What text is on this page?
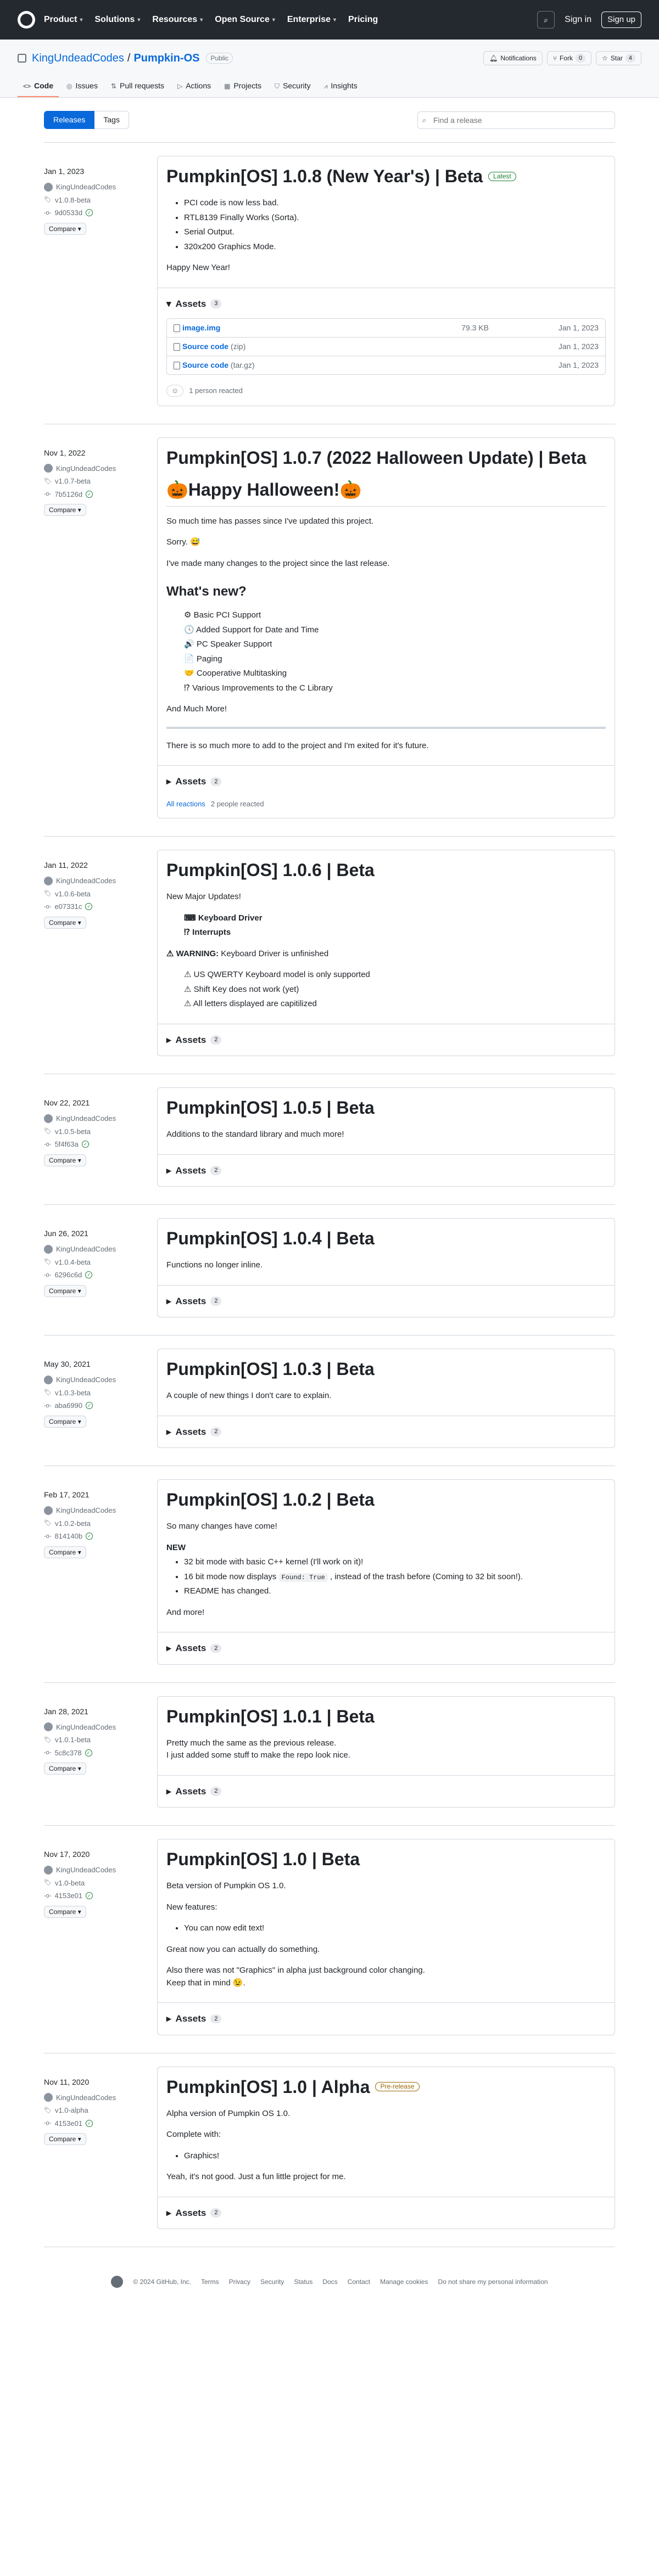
Product ▾ Solutions ▾ Resources ▾ Open Source ▾ Enterprise ▾ Pricing	⌕	Sign in	Sign up
KingUndeadCodes / Pumpkin-OS	Public	🔔︎ Notifications	⑂ Fork	0	☆ Star	4
<> Code ◎ Issues ⇅ Pull requests ▷ Actions ▦ Projects ⛉ Security ⩘ Insights
Releases	Tags	⌕
Find a release
Jan 1, 2023
KingUndeadCodes
🏷︎ v1.0.8-beta
-o- 9d0533d	✓
Compare ▾
Pumpkin[OS] 1.0.8 (New Year's) | Beta	Latest
• PCI code is now less bad.
• RTL8139 Finally Works (Sorta).
• Serial Output.
• 320x200 Graphics Mode.

Happy New Year!

▾ Assets	3
image.img	79.3 KB	Jan 1, 2023
Source code (zip)	Jan 1, 2023
Source code (tar.gz)	Jan 1, 2023
☺	1 person reacted
Nov 1, 2022
KingUndeadCodes
🏷︎ v1.0.7-beta
-o- 7b5126d	✓
Compare ▾
Pumpkin[OS] 1.0.7 (2022 Halloween Update) | Beta
🎃Happy Halloween!🎃

So much time has passes since I've updated this project.

Sorry. 😅

I've made many changes to the project since the last release.

What's new?
⚙ Basic PCI Support
🕓 Added Support for Date and Time
🔊 PC Speaker Support
📄 Paging
🤝 Cooperative Multitasking
⁉ Various Improvements to the C Library

And Much More!

There is so much more to add to the project and I'm exited for it's future.

▸ Assets	2
All reactions 2 people reacted
Jan 11, 2022
KingUndeadCodes
🏷︎ v1.0.6-beta
-o- e07331c	✓
Compare ▾
Pumpkin[OS] 1.0.6 | Beta

New Major Updates!

⌨ Keyboard Driver
⁉ Interrupts

⚠ WARNING: Keyboard Driver is unfinished

⚠ US QWERTY Keyboard model is only supported
⚠ Shift Key does not work (yet)
⚠ All letters displayed are capitilized
▸ Assets	2
Nov 22, 2021
KingUndeadCodes
🏷︎ v1.0.5-beta
-o- 5f4f63a	✓
Compare ▾
Pumpkin[OS] 1.0.5 | Beta

Additions to the standard library and much more!

▸ Assets	2
Jun 26, 2021
KingUndeadCodes
🏷︎ v1.0.4-beta
-o- 6296c6d	✓
Compare ▾
Pumpkin[OS] 1.0.4 | Beta

Functions no longer inline.

▸ Assets	2
May 30, 2021
KingUndeadCodes
🏷︎ v1.0.3-beta
-o- aba6990	✓
Compare ▾
Pumpkin[OS] 1.0.3 | Beta

A couple of new things I don't care to explain.

▸ Assets	2
Feb 17, 2021
KingUndeadCodes
🏷︎ v1.0.2-beta
-o- 814140b	✓
Compare ▾
Pumpkin[OS] 1.0.2 | Beta

So many changes have come!

NEW

• 32 bit mode with basic C++ kernel (I'll work on it)!
• 16 bit mode now displays Found: True , instead of the trash before (Coming to 32 bit soon!).
• README has changed.

And more!

▸ Assets	2
Jan 28, 2021
KingUndeadCodes
🏷︎ v1.0.1-beta
-o- 5c8c378	✓
Compare ▾
Pumpkin[OS] 1.0.1 | Beta

Pretty much the same as the previous release.
I just added some stuff to make the repo look nice.

▸ Assets	2
Nov 17, 2020
KingUndeadCodes
🏷︎ v1.0-beta
-o- 4153e01	✓
Compare ▾
Pumpkin[OS] 1.0 | Beta

Beta version of Pumpkin OS 1.0.

New features:

• You can now edit text!

Great now you can actually do something.

Also there was not "Graphics" in alpha just background color changing.
Keep that in mind 😉.

▸ Assets	2
Nov 11, 2020
KingUndeadCodes
🏷︎ v1.0-alpha
-o- 4153e01	✓
Compare ▾
Pumpkin[OS] 1.0 | Alpha	Pre-release

Alpha version of Pumpkin OS 1.0.

Complete with:

• Graphics!

Yeah, it's not good. Just a fun little project for me.

▸ Assets	2
© 2024 GitHub, Inc. Terms Privacy Security Status Docs Contact Manage cookies Do not share my personal information
